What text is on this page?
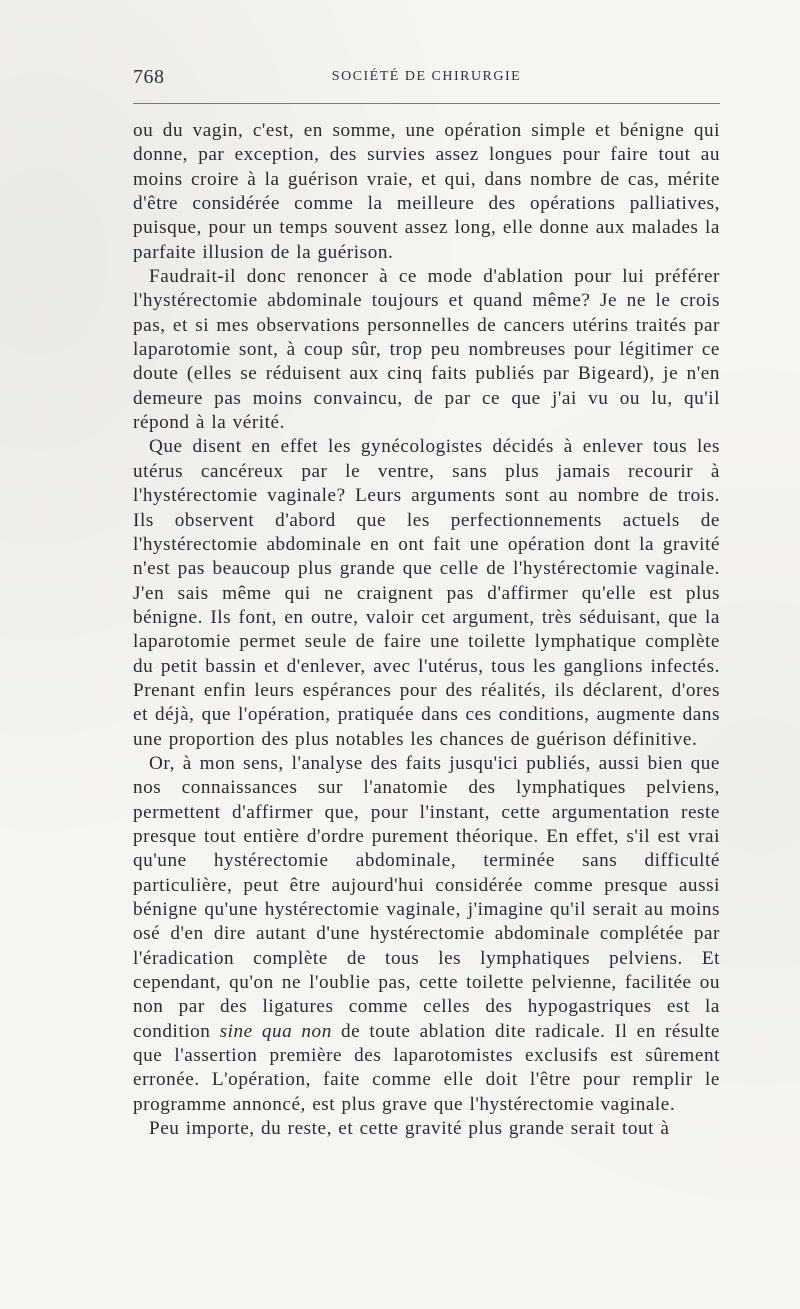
768	SOCIÉTÉ DE CHIRURGIE

ou du vagin, c'est, en somme, une opération simple et bénigne qui donne, par exception, des survies assez longues pour faire tout au moins croire à la guérison vraie, et qui, dans nombre de cas, mérite d'être considérée comme la meilleure des opérations palliatives, puisque, pour un temps souvent assez long, elle donne aux malades la parfaite illusion de la guérison.

Faudrait-il donc renoncer à ce mode d'ablation pour lui préférer l'hystérectomie abdominale toujours et quand même? Je ne le crois pas, et si mes observations personnelles de cancers utérins traités par laparotomie sont, à coup sûr, trop peu nombreuses pour légitimer ce doute (elles se réduisent aux cinq faits publiés par Bigeard), je n'en demeure pas moins convaincu, de par ce que j'ai vu ou lu, qu'il répond à la vérité.

Que disent en effet les gynécologistes décidés à enlever tous les utérus cancéreux par le ventre, sans plus jamais recourir à l'hystérectomie vaginale? Leurs arguments sont au nombre de trois. Ils observent d'abord que les perfectionnements actuels de l'hystérectomie abdominale en ont fait une opération dont la gravité n'est pas beaucoup plus grande que celle de l'hystérectomie vaginale. J'en sais même qui ne craignent pas d'affirmer qu'elle est plus bénigne. Ils font, en outre, valoir cet argument, très séduisant, que la laparotomie permet seule de faire une toilette lymphatique complète du petit bassin et d'enlever, avec l'utérus, tous les ganglions infectés. Prenant enfin leurs espérances pour des réalités, ils déclarent, d'ores et déjà, que l'opération, pratiquée dans ces conditions, augmente dans une proportion des plus notables les chances de guérison définitive.

Or, à mon sens, l'analyse des faits jusqu'ici publiés, aussi bien que nos connaissances sur l'anatomie des lymphatiques pelviens, permettent d'affirmer que, pour l'instant, cette argumentation reste presque tout entière d'ordre purement théorique. En effet, s'il est vrai qu'une hystérectomie abdominale, terminée sans difficulté particulière, peut être aujourd'hui considérée comme presque aussi bénigne qu'une hystérectomie vaginale, j'imagine qu'il serait au moins osé d'en dire autant d'une hystérectomie abdominale complétée par l'éradication complète de tous les lymphatiques pelviens. Et cependant, qu'on ne l'oublie pas, cette toilette pelvienne, facilitée ou non par des ligatures comme celles des hypogastriques est la condition sine qua non de toute ablation dite radicale. Il en résulte que l'assertion première des laparotomistes exclusifs est sûrement erronée. L'opération, faite comme elle doit l'être pour remplir le programme annoncé, est plus grave que l'hystérectomie vaginale.

Peu importe, du reste, et cette gravité plus grande serait tout à
